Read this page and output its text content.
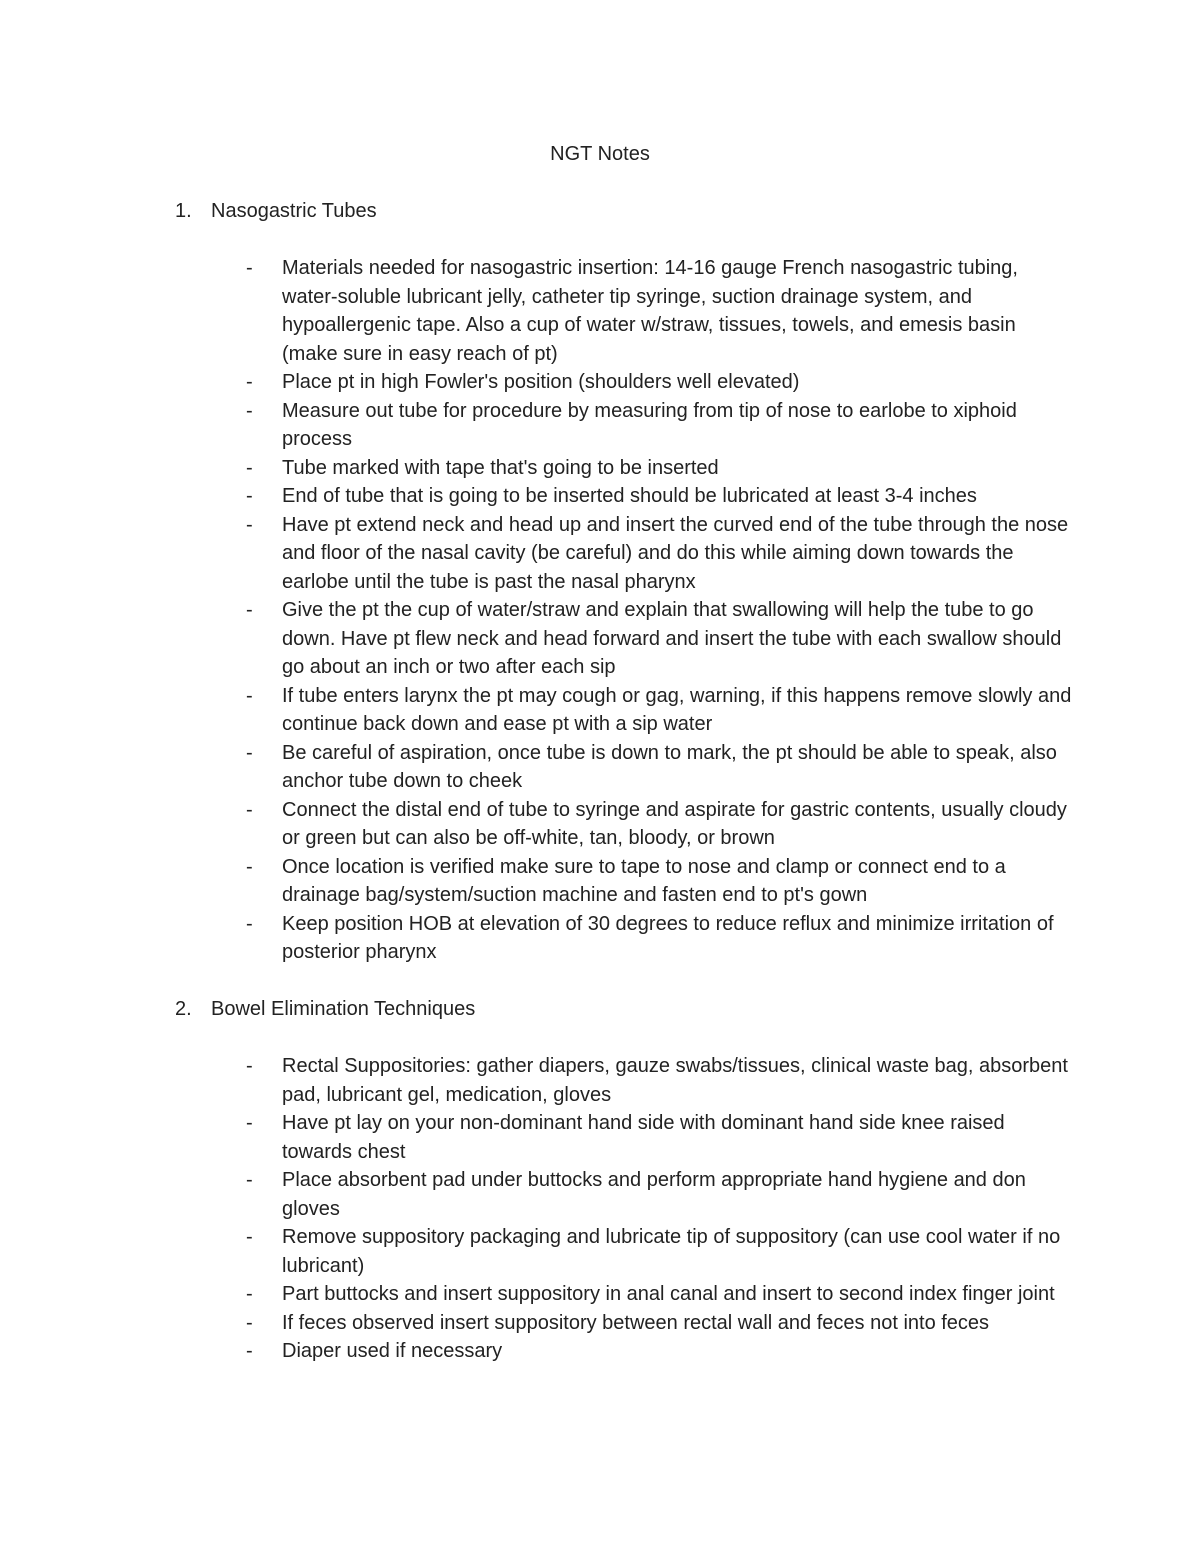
NGT Notes
1. Nasogastric Tubes
- Materials needed for nasogastric insertion: 14-16 gauge French nasogastric tubing, water-soluble lubricant jelly, catheter tip syringe, suction drainage system, and hypoallergenic tape. Also a cup of water w/straw, tissues, towels, and emesis basin (make sure in easy reach of pt)
- Place pt in high Fowler's position (shoulders well elevated)
- Measure out tube for procedure by measuring from tip of nose to earlobe to xiphoid process
- Tube marked with tape that's going to be inserted
- End of tube that is going to be inserted should be lubricated at least 3-4 inches
- Have pt extend neck and head up and insert the curved end of the tube through the nose and floor of the nasal cavity (be careful) and do this while aiming down towards the earlobe until the tube is past the nasal pharynx
- Give the pt the cup of water/straw and explain that swallowing will help the tube to go down. Have pt flew neck and head forward and insert the tube with each swallow should go about an inch or two after each sip
- If tube enters larynx the pt may cough or gag, warning, if this happens remove slowly and continue back down and ease pt with a sip water
- Be careful of aspiration, once tube is down to mark, the pt should be able to speak, also anchor tube down to cheek
- Connect the distal end of tube to syringe and aspirate for gastric contents, usually cloudy or green but can also be off-white, tan, bloody, or brown
- Once location is verified make sure to tape to nose and clamp or connect end to a drainage bag/system/suction machine and fasten end to pt's gown
- Keep position HOB at elevation of 30 degrees to reduce reflux and minimize irritation of posterior pharynx
2. Bowel Elimination Techniques
- Rectal Suppositories: gather diapers, gauze swabs/tissues, clinical waste bag, absorbent pad, lubricant gel, medication, gloves
- Have pt lay on your non-dominant hand side with dominant hand side knee raised towards chest
- Place absorbent pad under buttocks and perform appropriate hand hygiene and don gloves
- Remove suppository packaging and lubricate tip of suppository (can use cool water if no lubricant)
- Part buttocks and insert suppository in anal canal and insert to second index finger joint
- If feces observed insert suppository between rectal wall and feces not into feces
- Diaper used if necessary
